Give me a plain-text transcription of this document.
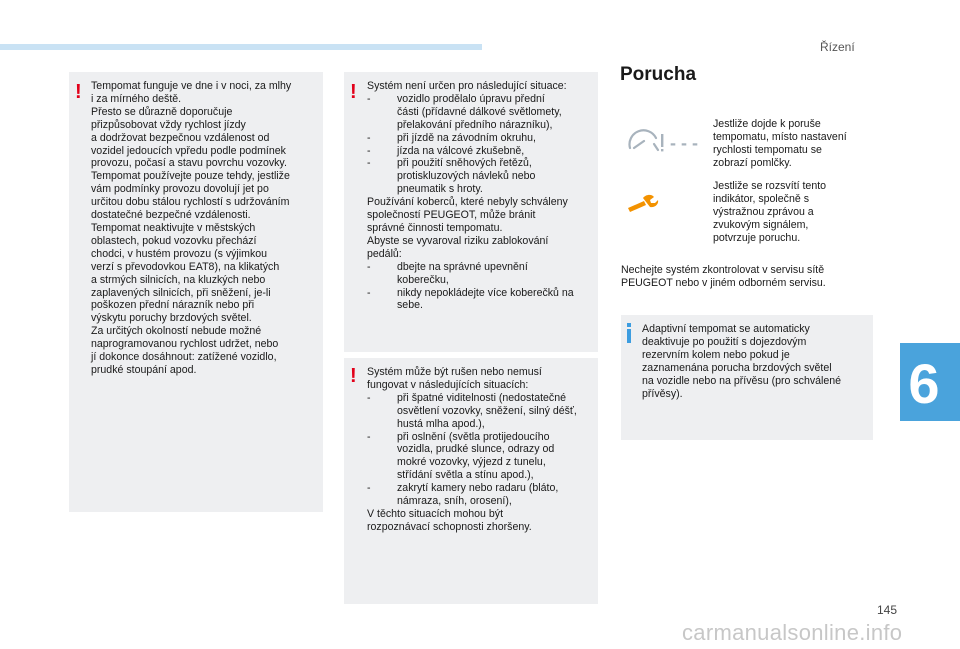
Řízení
6
! Tempomat funguje ve dne i v noci, za mlhy
i za mírného deště.
Přesto se důrazně doporučuje
přizpůsobovat vždy rychlost jízdy
a dodržovat bezpečnou vzdálenost od
vozidel jedoucích vpředu podle podmínek
provozu, počasí a stavu povrchu vozovky.
Tempomat používejte pouze tehdy, jestliže
vám podmínky provozu dovolují jet po
určitou dobu stálou rychlostí s udržováním
dostatečné bezpečné vzdálenosti.
Tempomat neaktivujte v městských
oblastech, pokud vozovku přechází
chodci, v hustém provozu (s výjimkou
verzí s převodovkou EAT8), na klikatých
a strmých silnicích, na kluzkých nebo
zaplavených silnicích, při sněžení, je-li
poškozen přední nárazník nebo při
výskytu poruchy brzdových světel.
Za určitých okolností nebude možné
naprogramovanou rychlost udržet, nebo
jí dokonce dosáhnout: zatížené vozidlo,
prudké stoupání apod.
! Systém není určen pro následující situace:
- vozidlo prodělalo úpravu přední
části (přídavné dálkové světlomety,
přelakování předního nárazníku),
- při jízdě na závodním okruhu,
- jízda na válcové zkušebně,
- při použití sněhových řetězů,
protiskluzových návleků nebo
pneumatik s hroty.
Používání koberců, které nebyly schváleny
společností PEUGEOT, může bránit
správné činnosti tempomatu.
Abyste se vyvaroval riziku zablokování
pedálů:
- dbejte na správné upevnění
koberečku,
- nikdy nepokládejte více koberečků na
sebe.
! Systém může být rušen nebo nemusí
fungovat v následujících situacích:
- při špatné viditelnosti (nedostatečné
osvětlení vozovky, sněžení, silný déšť,
hustá mlha apod.),
- při oslnění (světla protijedoucího
vozidla, prudké slunce, odrazy od
mokré vozovky, výjezd z tunelu,
střídání světla a stínu apod.),
- zakrytí kamery nebo radaru (bláto,
námraza, sníh, orosení),
V těchto situacích mohou být
rozpoznávací schopnosti zhoršeny.
Porucha
- - -
Jestliže dojde k poruše
tempomatu, místo nastavení
rychlosti tempomatu se
zobrazí pomlčky.
Jestliže se rozsvítí tento
indikátor, společně s
výstražnou zprávou a
zvukovým signálem,
potvrzuje poruchu.
Nechejte systém zkontrolovat v servisu sítě
PEUGEOT nebo v jiném odborném servisu.
Adaptivní tempomat se automaticky
deaktivuje po použití s dojezdovým
rezervním kolem nebo pokud je
zaznamenána porucha brzdových světel
na vozidle nebo na přívěsu (pro schválené
přívěsy).
145
carmanualsonline.info
